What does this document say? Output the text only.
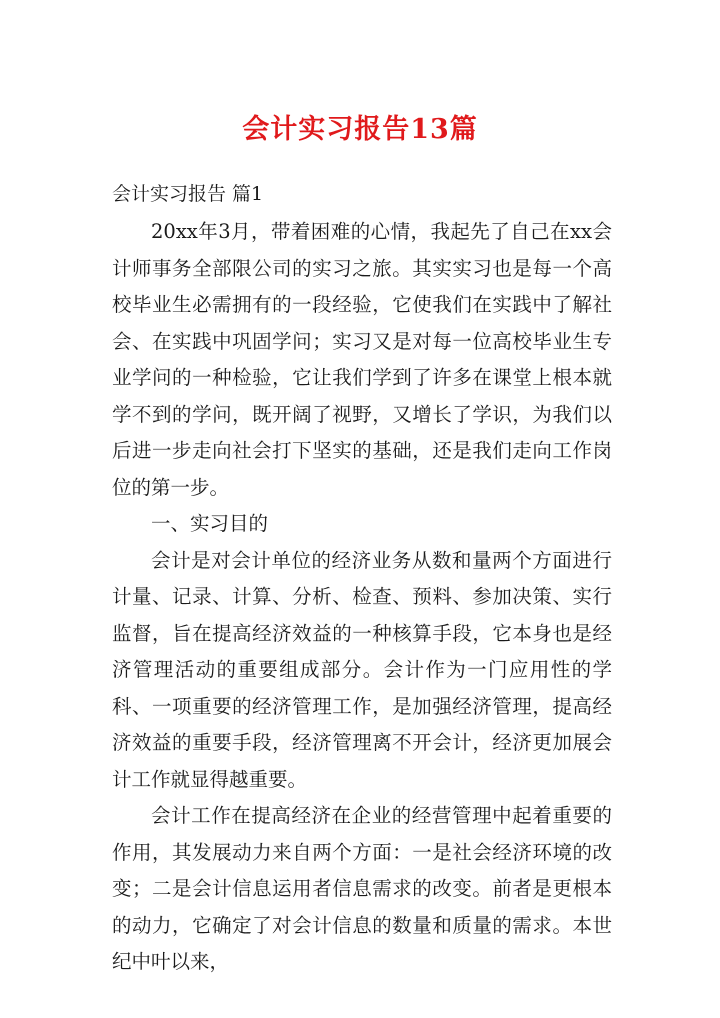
会计实习报告13篇
会计实习报告 篇1

20xx年3月，带着困难的心情，我起先了自己在xx会计师事务全部限公司的实习之旅。其实实习也是每一个高校毕业生必需拥有的一段经验，它使我们在实践中了解社会、在实践中巩固学问；实习又是对每一位高校毕业生专业学问的一种检验，它让我们学到了许多在课堂上根本就学不到的学问，既开阔了视野，又增长了学识，为我们以后进一步走向社会打下坚实的基础，还是我们走向工作岗位的第一步。

一、实习目的

会计是对会计单位的经济业务从数和量两个方面进行计量、记录、计算、分析、检查、预料、参加决策、实行监督，旨在提高经济效益的一种核算手段，它本身也是经济管理活动的重要组成部分。会计作为一门应用性的学科、一项重要的经济管理工作，是加强经济管理，提高经济效益的重要手段，经济管理离不开会计，经济更加展会计工作就显得越重要。

会计工作在提高经济在企业的经营管理中起着重要的作用，其发展动力来自两个方面：一是社会经济环境的改变；二是会计信息运用者信息需求的改变。前者是更根本的动力，它确定了对会计信息的数量和质量的需求。本世纪中叶以来，
